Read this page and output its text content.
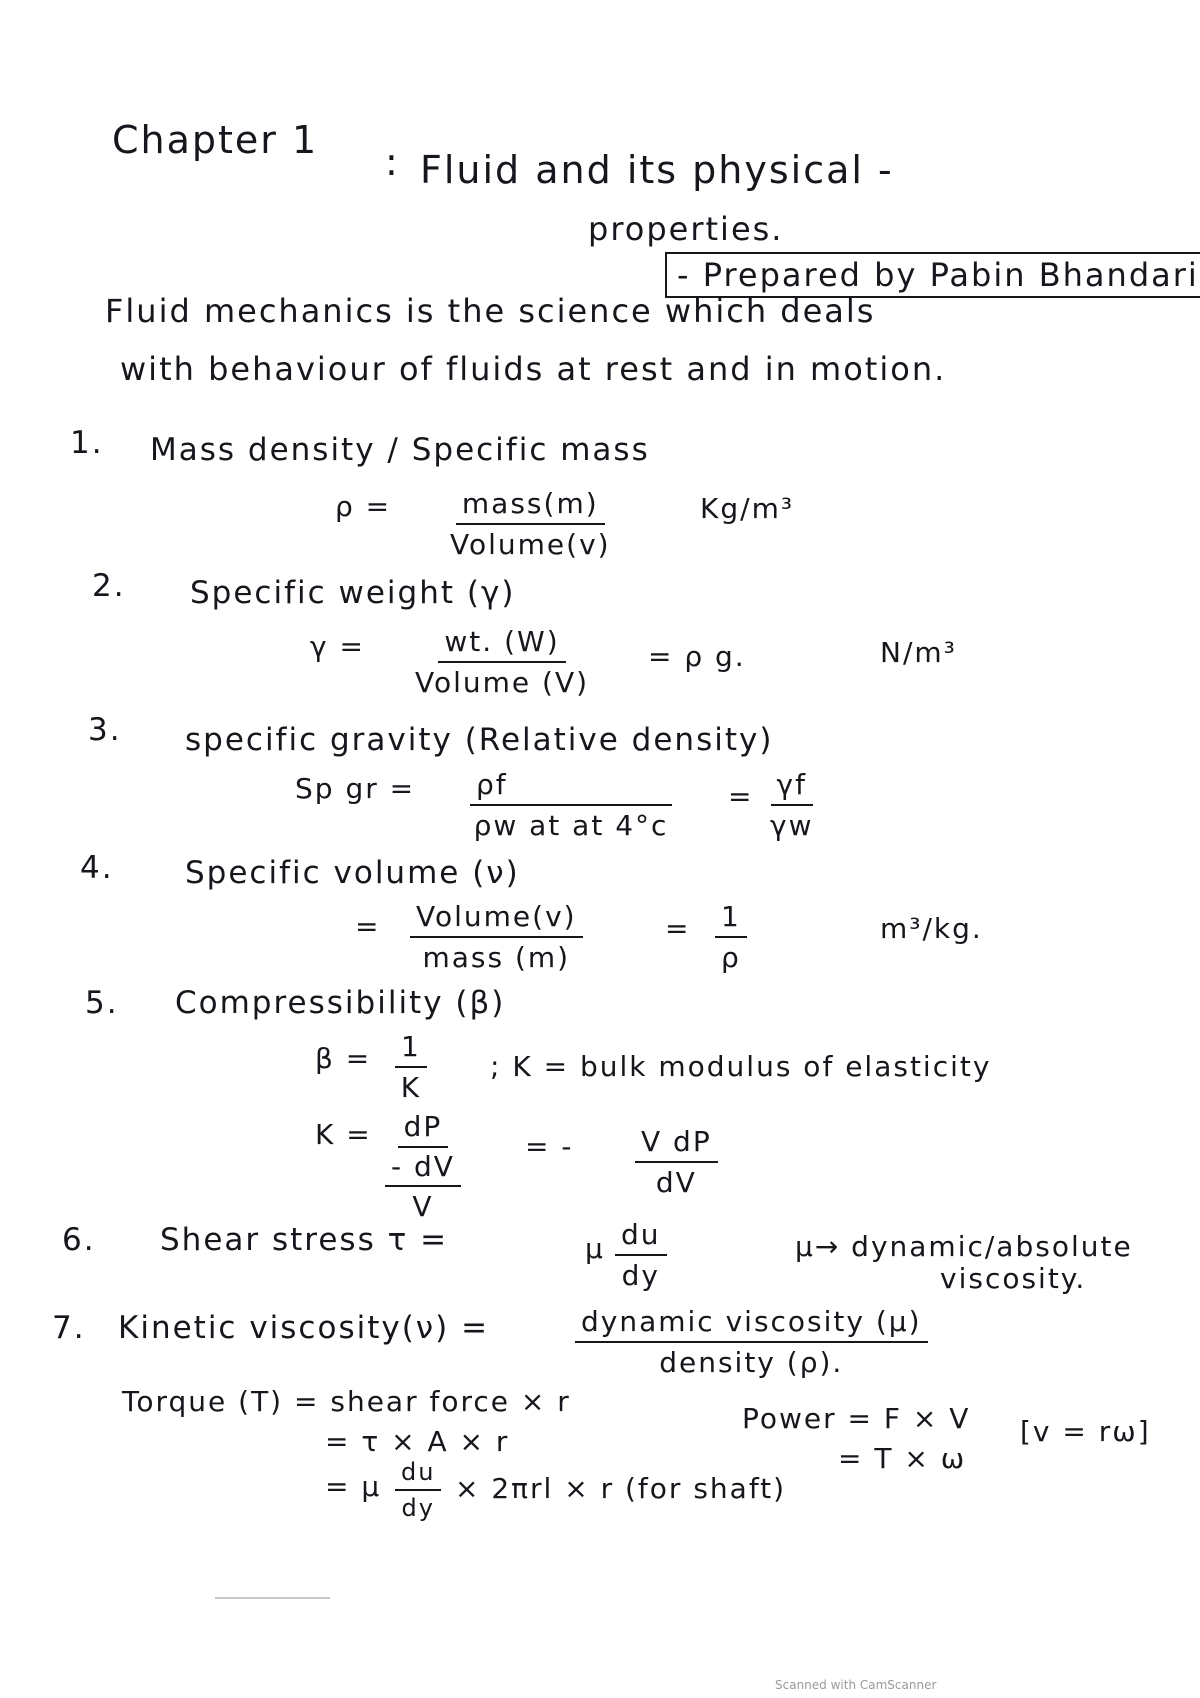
Chapter 1 : Fluid and its physical -
properties.
- Prepared by Pabin Bhandari
Fluid mechanics is the science which deals
with behaviour of fluids at rest and in motion.
1. Mass density / Specific mass
ρ =	mass(m)
Volume(v)
Kg/m³
2. Specific weight (γ)
γ =	wt. (W)
Volume (V)
= ρ g.	N/m³
3. specific gravity (Relative density)
Sp gr = $\frac{\rho f}{\text{ρw at at 4°c}} = \frac{\gamma f}{\gamma w}$
4. Specific volume (ν)
= Volume(v)
mass (m)
= $\frac{1}{\rho}$	m³/kg.
5. Compressibility (β)
$\beta = \frac{1}{K}$ ; K = bulk modulus of elasticity
K = dP
- dV
V
= - $\frac{\text{V dP}}{dV}$
6. Shear stress τ =	μ $\frac{du}{dy}$	μ→ dynamic/absolute
viscosity.
7. Kinetic viscosity(ν) =	dynamic viscosity (μ)
density (ρ).
Torque (T) = shear force × r
= τ × A × r
= μ $\frac{du}{dy} \times 2\pi rl \times r$ (for shaft)
Power = F × V
= T × ω
[v = rω]
Scanned with CamScanner
